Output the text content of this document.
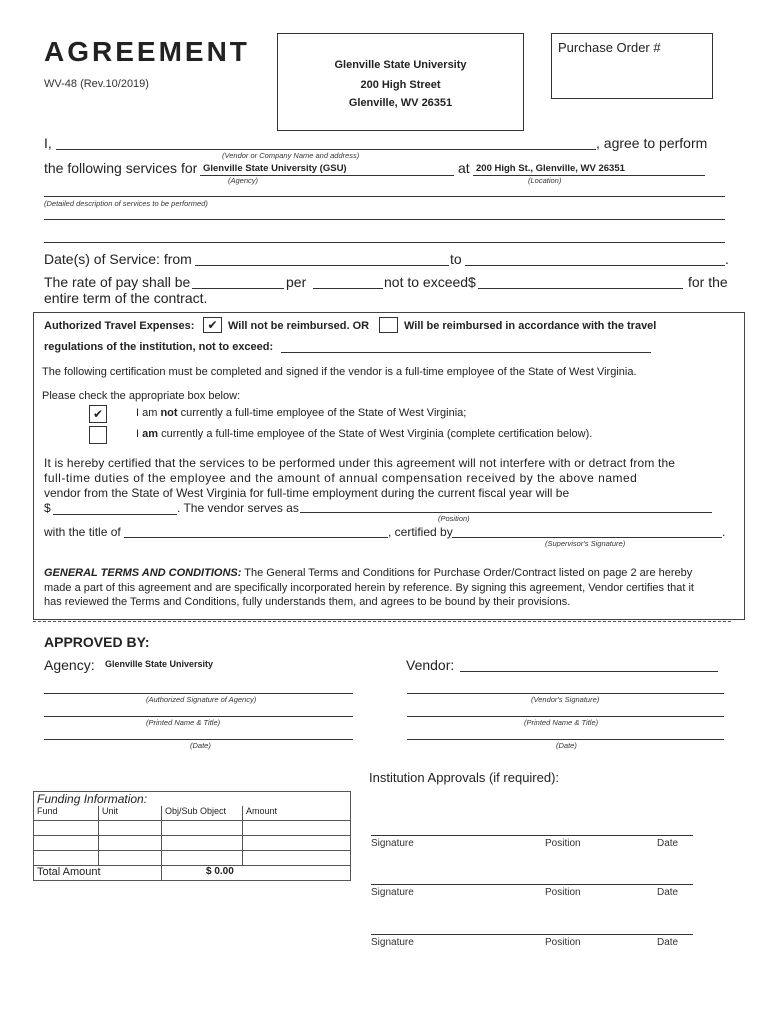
AGREEMENT
WV-48 (Rev.10/2019)
Glenville State University
200 High Street
Glenville, WV 26351
Purchase Order #
I,	, agree to perform
(Vendor or Company Name and address)
the following services for Glenville State University (GSU)	at 200 High St., Glenville, WV 26351
(Agency)	(Location)
(Detailed description of services to be performed)
Date(s) of Service: from	to	.
The rate of pay shall be	per	not to exceed$	for the
entire term of the contract.
Authorized Travel Expenses:	✔ Will not be reimbursed. OR	Will be reimbursed in accordance with the travel
regulations of the institution, not to exceed:
The following certification must be completed and signed if the vendor is a full-time employee of the State of West Virginia.
Please check the appropriate box below:
✔	I am not currently a full-time employee of the State of West Virginia;
I am currently a full-time employee of the State of West Virginia (complete certification below).
It is hereby certified that the services to be performed under this agreement will not interfere with or detract from the
full-time duties of the employee and the amount of annual compensation received by the above named
vendor from the State of West Virginia for full-time employment during the current fiscal year will be
$	. The vendor serves as
(Position)
with the title of	, certified by	.
(Supervisor's Signature)
GENERAL TERMS AND CONDITIONS: The General Terms and Conditions for Purchase Order/Contract listed on page 2 are hereby
made a part of this agreement and are specifically incorporated herein by reference. By signing this agreement, Vendor certifies that it
has reviewed the Terms and Conditions, fully understands them, and agrees to be bound by their provisions.
APPROVED BY:
Agency: Glenville State University	Vendor:
(Authorized Signature of Agency)
(Printed Name & Title)
(Date)
(Vendor's Signature)
(Printed Name & Title)
(Date)
Institution Approvals (if required):
Signature	Position	Date
Signature	Position	Date
Signature	Position	Date
Funding Information:			
Fund	Unit	Obj/Sub Object	Amount

Total Amount		$ 0.00	
